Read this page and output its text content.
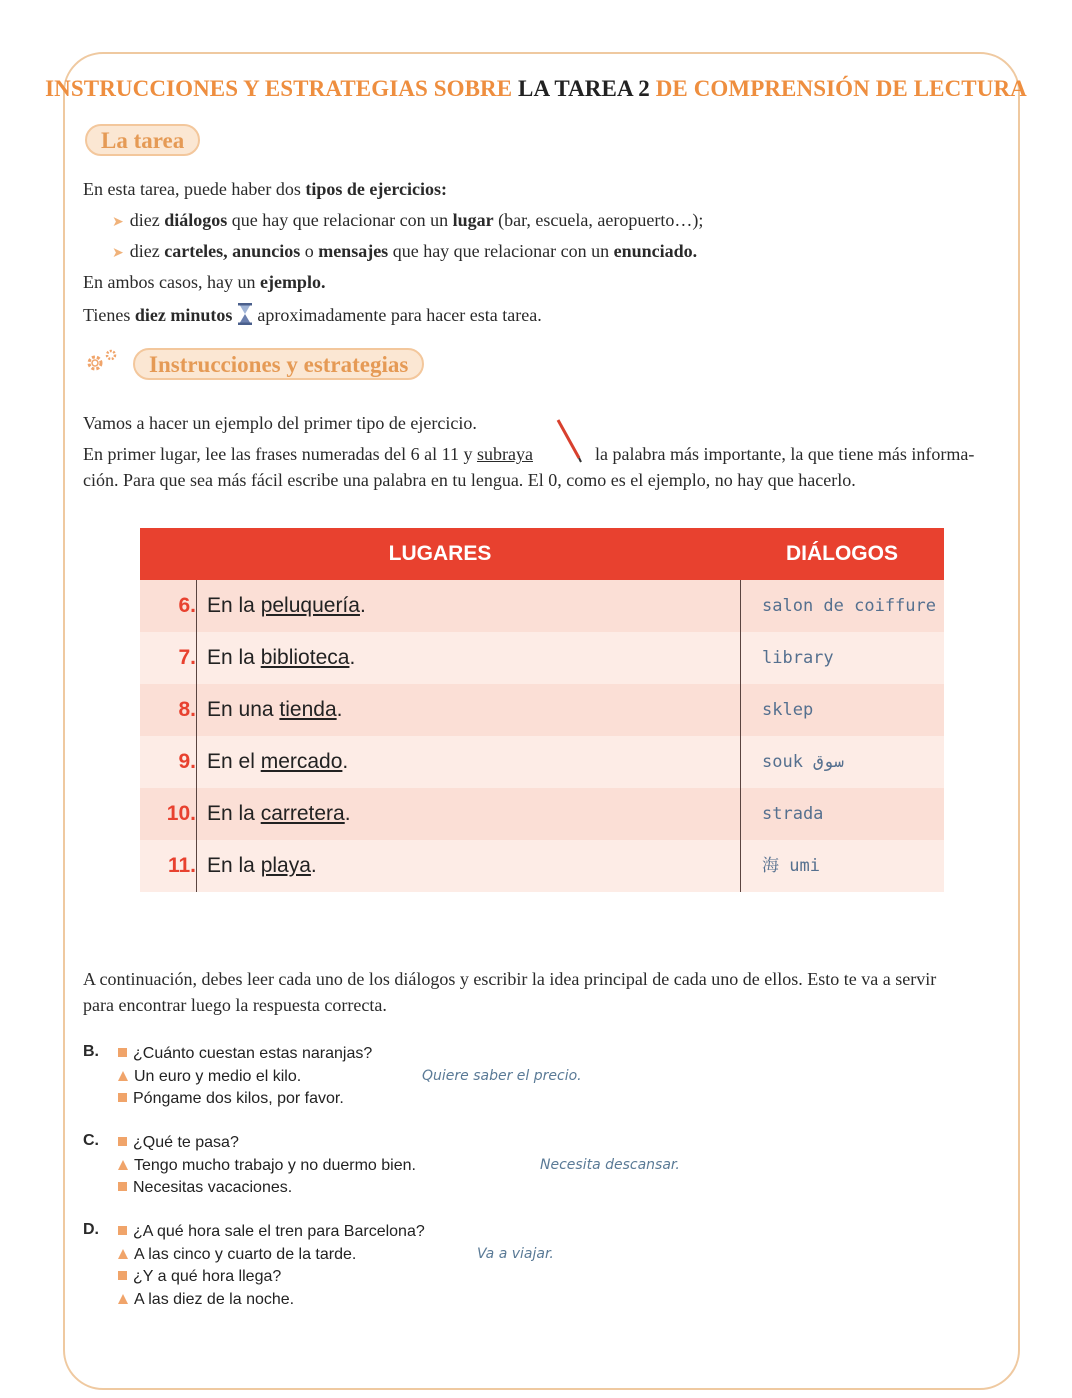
INSTRUCCIONES Y ESTRATEGIAS SOBRE LA TAREA 2 DE COMPRENSIÓN DE LECTURA
La tarea
En esta tarea, puede haber dos tipos de ejercicios:
➤ diez diálogos que hay que relacionar con un lugar (bar, escuela, aeropuerto…);
➤ diez carteles, anuncios o mensajes que hay que relacionar con un enunciado.
En ambos casos, hay un ejemplo.
Tienes diez minutos  aproximadamente para hacer esta tarea.
Instrucciones y estrategias
Vamos a hacer un ejemplo del primer tipo de ejercicio.
En primer lugar, lee las frases numeradas del 6 al 11 y subraya	la palabra más importante, la que tiene más informa-
ción. Para que sea más fácil escribe una palabra en tu lengua. El 0, como es el ejemplo, no hay que hacerlo.
LUGARES	DIÁLOGOS
6. En la peluquería.	salon de coiffure
7. En la biblioteca.	library
8. En una tienda.	sklep
9. En el mercado.	souk سوق
10. En la carretera.	strada
11. En la playa.	海 umi
A continuación, debes leer cada uno de los diálogos y escribir la idea principal de cada uno de ellos. Esto te va a servir
para encontrar luego la respuesta correcta.
B.	¿Cuánto cuestan estas naranjas?
Un euro y medio el kilo.
Póngame dos kilos, por favor.
Quiere saber el precio.
C.	¿Qué te pasa?
Tengo mucho trabajo y no duermo bien.
Necesitas vacaciones.
Necesita descansar.
D.	¿A qué hora sale el tren para Barcelona?
A las cinco y cuarto de la tarde.
¿Y a qué hora llega?
A las diez de la noche.
Va a viajar.
